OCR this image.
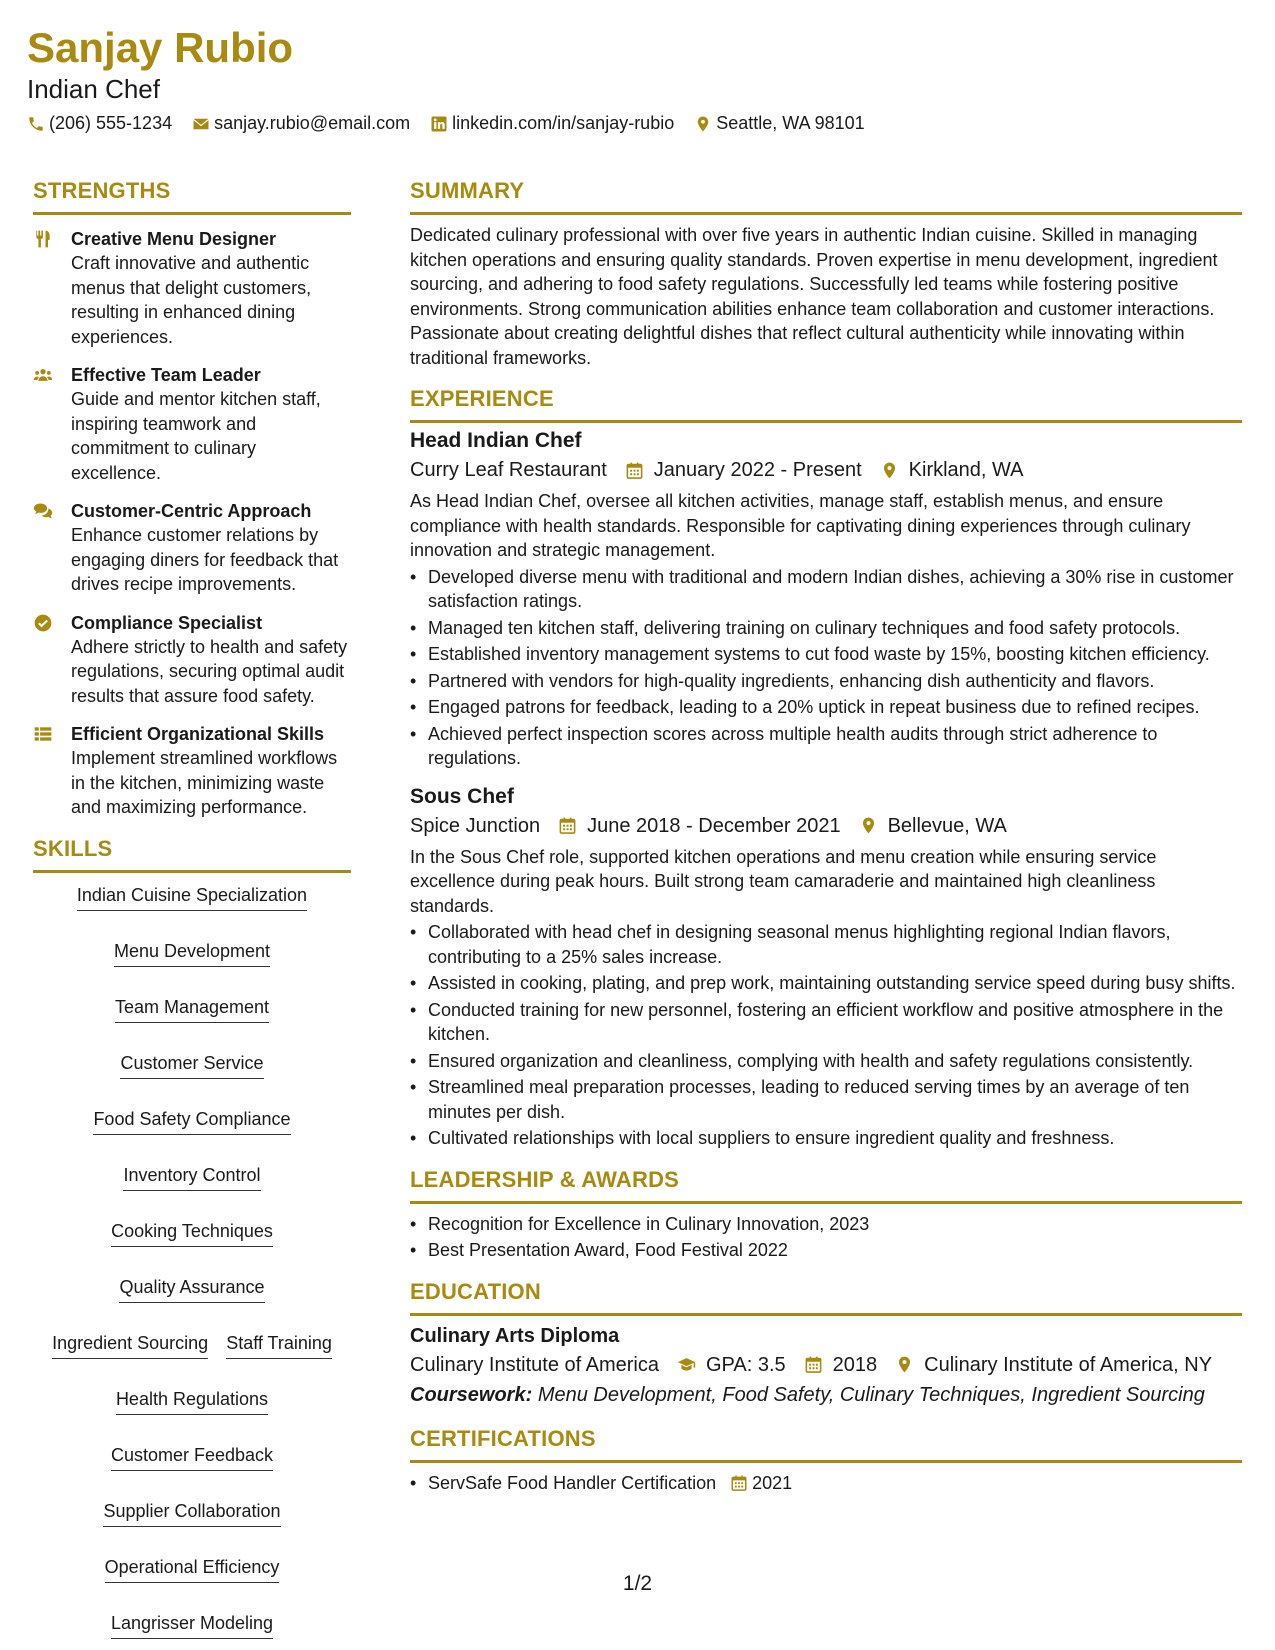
Sanjay Rubio
Indian Chef
(206) 555-1234 sanjay.rubio@email.com linkedin.com/in/sanjay-rubio Seattle, WA 98101
STRENGTHS
Creative Menu Designer
Craft innovative and authentic menus that delight customers, resulting in enhanced dining experiences.
Effective Team Leader
Guide and mentor kitchen staff, inspiring teamwork and commitment to culinary excellence.
Customer-Centric Approach
Enhance customer relations by engaging diners for feedback that drives recipe improvements.
Compliance Specialist
Adhere strictly to health and safety regulations, securing optimal audit results that assure food safety.
Efficient Organizational Skills
Implement streamlined workflows in the kitchen, minimizing waste and maximizing performance.
SKILLS
Indian Cuisine Specialization
Menu Development
Team Management
Customer Service
Food Safety Compliance
Inventory Control
Cooking Techniques
Quality Assurance
Ingredient Sourcing Staff Training
Health Regulations
Customer Feedback
Supplier Collaboration
Operational Efficiency
Langrisser Modeling
SUMMARY
Dedicated culinary professional with over five years in authentic Indian cuisine. Skilled in managing kitchen operations and ensuring quality standards. Proven expertise in menu development, ingredient sourcing, and adhering to food safety regulations. Successfully led teams while fostering positive environments. Strong communication abilities enhance team collaboration and customer interactions. Passionate about creating delightful dishes that reflect cultural authenticity while innovating within traditional frameworks.
EXPERIENCE
Head Indian Chef
Curry Leaf Restaurant January 2022 - Present Kirkland, WA
As Head Indian Chef, oversee all kitchen activities, manage staff, establish menus, and ensure compliance with health standards. Responsible for captivating dining experiences through culinary innovation and strategic management.
• Developed diverse menu with traditional and modern Indian dishes, achieving a 30% rise in customer satisfaction ratings.
• Managed ten kitchen staff, delivering training on culinary techniques and food safety protocols.
• Established inventory management systems to cut food waste by 15%, boosting kitchen efficiency.
• Partnered with vendors for high-quality ingredients, enhancing dish authenticity and flavors.
• Engaged patrons for feedback, leading to a 20% uptick in repeat business due to refined recipes.
• Achieved perfect inspection scores across multiple health audits through strict adherence to regulations.
Sous Chef
Spice Junction June 2018 - December 2021 Bellevue, WA
In the Sous Chef role, supported kitchen operations and menu creation while ensuring service excellence during peak hours. Built strong team camaraderie and maintained high cleanliness standards.
• Collaborated with head chef in designing seasonal menus highlighting regional Indian flavors, contributing to a 25% sales increase.
• Assisted in cooking, plating, and prep work, maintaining outstanding service speed during busy shifts.
• Conducted training for new personnel, fostering an efficient workflow and positive atmosphere in the kitchen.
• Ensured organization and cleanliness, complying with health and safety regulations consistently.
• Streamlined meal preparation processes, leading to reduced serving times by an average of ten minutes per dish.
• Cultivated relationships with local suppliers to ensure ingredient quality and freshness.
LEADERSHIP & AWARDS
• Recognition for Excellence in Culinary Innovation, 2023
• Best Presentation Award, Food Festival 2022
EDUCATION
Culinary Arts Diploma
Culinary Institute of America GPA: 3.5 2018 Culinary Institute of America, NY
Coursework: Menu Development, Food Safety, Culinary Techniques, Ingredient Sourcing
CERTIFICATIONS
• ServSafe Food Handler Certification 2021
1/2
